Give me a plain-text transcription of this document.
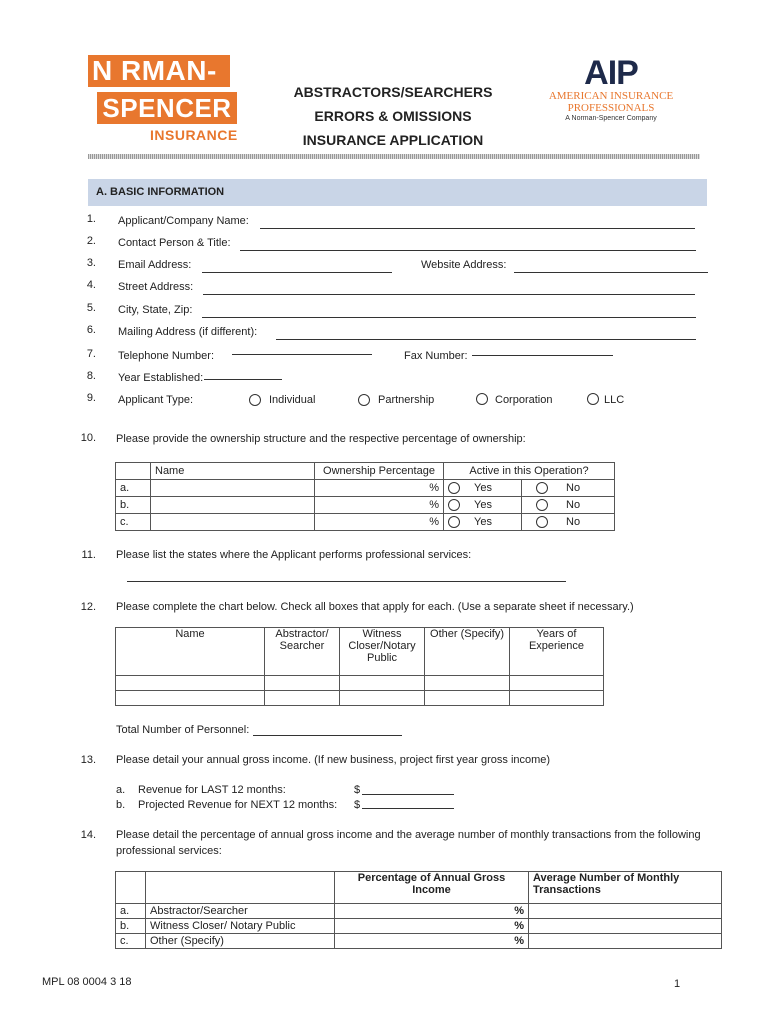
N RMAN-
SPENCER
INSURANCE
ABSTRACTORS/SEARCHERS
ERRORS & OMISSIONS
INSURANCE APPLICATION
AIP
AMERICAN INSURANCE
PROFESSIONALS
A Norman-Spencer Company
A. BASIC INFORMATION
1. Applicant/Company Name:
2. Contact Person & Title:
3. Email Address:	Website Address:
4. Street Address:
5. City, State, Zip:
6. Mailing Address (if different):
7. Telephone Number:	Fax Number:
8. Year Established:
9. Applicant Type:	Individual	Partnership	Corporation	LLC
10. Please provide the ownership structure and the respective percentage of ownership:
	Name	Ownership Percentage	Active in this Operation?	
a.		%	Yes	No
b.		%	Yes	No
c.		%	Yes	No
11. Please list the states where the Applicant performs professional services:
12. Please complete the chart below. Check all boxes that apply for each. (Use a separate sheet if necessary.)
Name	Abstractor/ Searcher	Witness Closer/Notary Public	Other (Specify)	Years of Experience

Total Number of Personnel:
13. Please detail your annual gross income. (If new business, project first year gross income)
a. Revenue for LAST 12 months:	$
b. Projected Revenue for NEXT 12 months: $
14. Please detail the percentage of annual gross income and the average number of monthly transactions from the following
professional services:
		Percentage of Annual Gross Income	Average Number of Monthly Transactions
a.	Abstractor/Searcher	%	
b.	Witness Closer/ Notary Public	%	
c.	Other (Specify)	%	
MPL 08 0004 3 18	1
